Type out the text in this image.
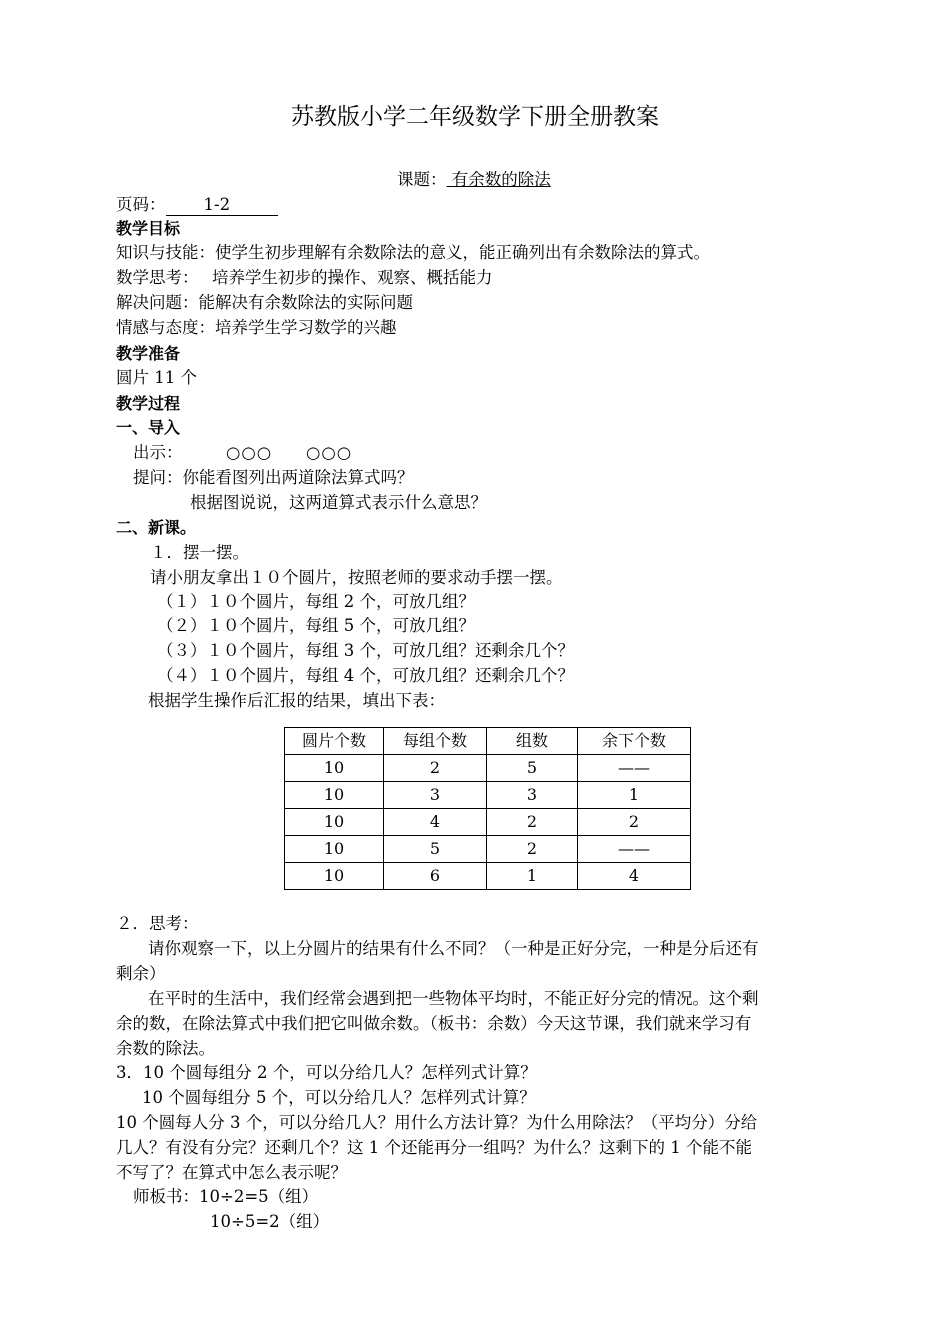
苏教版小学二年级数学下册全册教案
课题： 有余数的除法
页码： 1-2
教学目标
知识与技能：使学生初步理解有余数除法的意义，能正确列出有余数除法的算式。
数学思考：　 培养学生初步的操作、观察、概括能力
解决问题：能解决有余数除法的实际问题
情感与态度：培养学生学习数学的兴趣
教学准备
圆片 11 个
教学过程
一、导入
出示：	○○○ ○○○
提问：你能看图列出两道除法算式吗？
根据图说说，这两道算式表示什么意思？
二、新课。
１．摆一摆。
请小朋友拿出１０个圆片，按照老师的要求动手摆一摆。
（１）１０个圆片，每组 2 个，可放几组？
（２）１０个圆片，每组 5 个，可放几组？
（３）１０个圆片，每组 3 个，可放几组？还剩余几个？
（４）１０个圆片，每组 4 个，可放几组？还剩余几个？
根据学生操作后汇报的结果，填出下表：
圆片个数	每组个数	组数	余下个数
10	2	5	——
10	3	3	1
10	4	2	2
10	5	2	——
10	6	1	4
２．思考：
请你观察一下，以上分圆片的结果有什么不同？（一种是正好分完，一种是分后还有
剩余）
在平时的生活中，我们经常会遇到把一些物体平均时，不能正好分完的情况。这个剩
余的数，在除法算式中我们把它叫做余数。（板书：余数）今天这节课，我们就来学习有
余数的除法。
3．10 个圆每组分 2 个，可以分给几人？怎样列式计算？
10 个圆每组分 5 个，可以分给几人？怎样列式计算？
10 个圆每人分 3 个，可以分给几人？用什么方法计算？为什么用除法？（平均分）分给
几人？有没有分完？还剩几个？这 1 个还能再分一组吗？为什么？这剩下的 1 个能不能
不写了？在算式中怎么表示呢？
师板书：10÷2=5（组）
10÷5=2（组）
